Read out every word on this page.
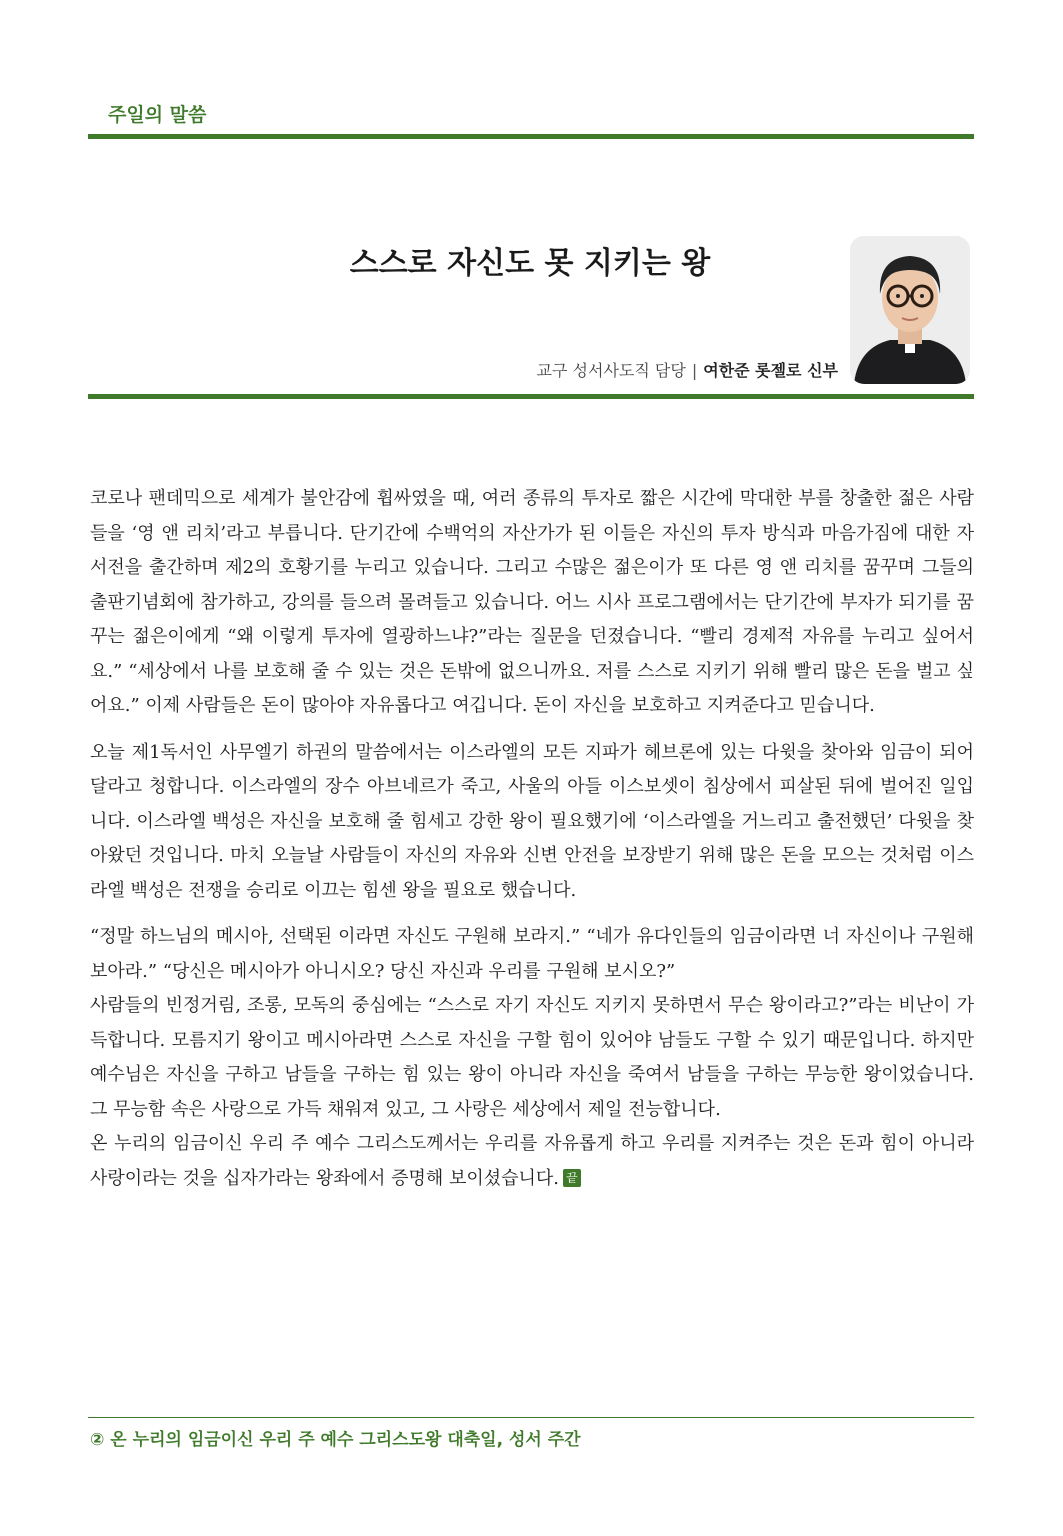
주일의 말씀
스스로 자신도 못 지키는 왕
교구 성서사도직 담당 | 여한준 롯젤로 신부

코로나 팬데믹으로 세계가 불안감에 휩싸였을 때, 여러 종류의 투자로 짧은 시간에 막대한 부를 창출한 젊은 사람들을 ‘영 앤 리치’라고 부릅니다. 단기간에 수백억의 자산가가 된 이들은 자신의 투자 방식과 마음가짐에 대한 자서전을 출간하며 제2의 호황기를 누리고 있습니다. 그리고 수많은 젊은이가 또 다른 영 앤 리치를 꿈꾸며 그들의 출판기념회에 참가하고, 강의를 들으려 몰려들고 있습니다. 어느 시사 프로그램에서는 단기간에 부자가 되기를 꿈꾸는 젊은이에게 “왜 이렇게 투자에 열광하느냐?”라는 질문을 던졌습니다. “빨리 경제적 자유를 누리고 싶어서요.” “세상에서 나를 보호해 줄 수 있는 것은 돈밖에 없으니까요. 저를 스스로 지키기 위해 빨리 많은 돈을 벌고 싶어요.” 이제 사람들은 돈이 많아야 자유롭다고 여깁니다. 돈이 자신을 보호하고 지켜준다고 믿습니다.

오늘 제1독서인 사무엘기 하권의 말씀에서는 이스라엘의 모든 지파가 헤브론에 있는 다윗을 찾아와 임금이 되어달라고 청합니다. 이스라엘의 장수 아브네르가 죽고, 사울의 아들 이스보셋이 침상에서 피살된 뒤에 벌어진 일입니다. 이스라엘 백성은 자신을 보호해 줄 힘세고 강한 왕이 필요했기에 ‘이스라엘을 거느리고 출전했던’ 다윗을 찾아왔던 것입니다. 마치 오늘날 사람들이 자신의 자유와 신변 안전을 보장받기 위해 많은 돈을 모으는 것처럼 이스라엘 백성은 전쟁을 승리로 이끄는 힘센 왕을 필요로 했습니다.

“정말 하느님의 메시아, 선택된 이라면 자신도 구원해 보라지.” “네가 유다인들의 임금이라면 너 자신이나 구원해 보아라.” “당신은 메시아가 아니시오? 당신 자신과 우리를 구원해 보시오?”

사람들의 빈정거림, 조롱, 모독의 중심에는 “스스로 자기 자신도 지키지 못하면서 무슨 왕이라고?”라는 비난이 가득합니다. 모름지기 왕이고 메시아라면 스스로 자신을 구할 힘이 있어야 남들도 구할 수 있기 때문입니다. 하지만 예수님은 자신을 구하고 남들을 구하는 힘 있는 왕이 아니라 자신을 죽여서 남들을 구하는 무능한 왕이었습니다. 그 무능함 속은 사랑으로 가득 채워져 있고, 그 사랑은 세상에서 제일 전능합니다.

온 누리의 임금이신 우리 주 예수 그리스도께서는 우리를 자유롭게 하고 우리를 지켜주는 것은 돈과 힘이 아니라 사랑이라는 것을 십자가라는 왕좌에서 증명해 보이셨습니다. 끝

② 온 누리의 임금이신 우리 주 예수 그리스도왕 대축일, 성서 주간
